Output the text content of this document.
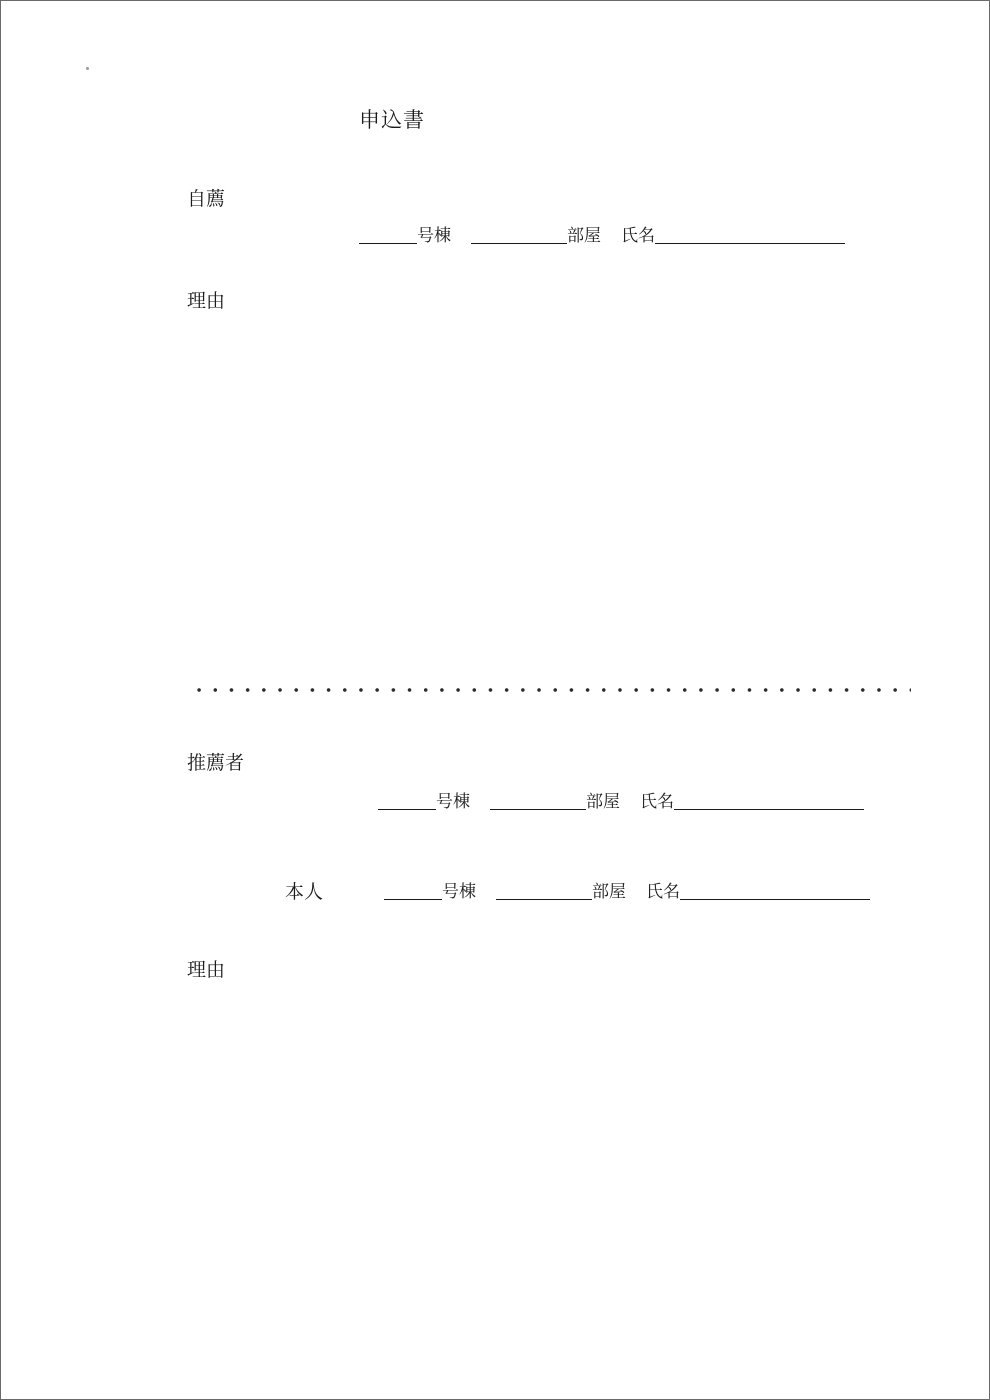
申込書
自薦
号棟	部屋 氏名
理由
推薦者
号棟	部屋 氏名
本人	号棟	部屋 氏名
理由
